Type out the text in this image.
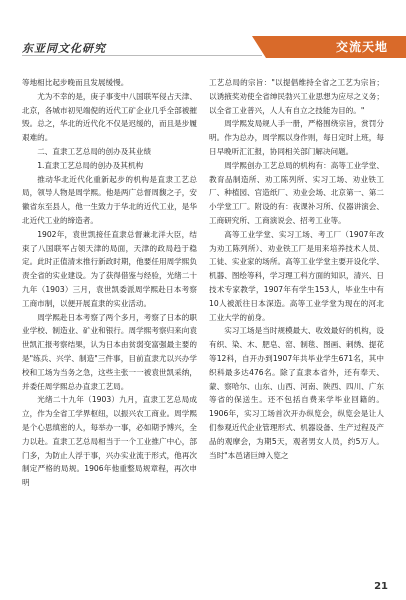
东亚同文化研究	交流天地

等地相比起步晚而且发展缓慢。

尤为不幸的是，庚子事变中八国联军侵占天津、北京，各城市初见端倪的近代工矿企业几乎全部被摧毁。总之，华北的近代化不仅是迟缓的，而且是步履艰难的。

二、直隶工艺总局的创办及其业绩
1.直隶工艺总局的创办及其机构

推动华北近代化重新起步的机构是直隶工艺总局，领导人物是周学熙。他是两广总督周馥之子，安徽省东至县人，他一生致力于华北的近代工业，是华北近代工业的缔造者。

1902年，袁世凯接任直隶总督兼北洋大臣，结束了八国联军占领天津的局面，天津的政局趋于稳定。此时正值清末推行新政时期，他要任用周学熙负责全省的实业建设。为了获得借鉴与经验，光绪二十九年（1903）三月，袁世凯委派周学熙赴日本考察工商市制，以便开展直隶的实业活动。

周学熙赴日本考察了两个多月，考察了日本的职业学校、制造业、矿业和银行。周学熙考察归来向袁世凯汇报考察结果，认为日本由贫弱变富强最主要的是"练兵、兴学、制造"三件事，目前直隶尤以兴办学校和工场为当务之急，这些主张一一被袁世凯采纳，并委任周学熙总办直隶工艺局。

光绪二十九年（1903）九月，直隶工艺总局成立，作为全省工学界枢纽，以振兴农工商业。周学熙是个心思缜密的人，每举办一事，必如期予博兴，全力以赴。直隶工艺总局相当于一个工业推广中心，部门多，为防止人浮于事，兴办实业流于形式，他再次制定严格的局规。1906年他重整局规章程，再次申明

工艺总局的宗旨："以提倡维持全省之工艺为宗旨；以诱掖奖劝使全省绅民勃兴工业思想为应尽之义务；以全省工业普兴，人人有自立之技能为目的。"

周学熙发局规人手一册，严格围绕宗旨，赏罚分明。作为总办，周学熙以身作则，每日定时上班，每日早晚听汇汇报，协同相关部门解决问题。

周学熙创办工艺总局的机构有：高等工业学堂、教育品制造所、劝工陈列所、实习工场、劝业铁工厂、种植园、官造纸厂、劝业会场、北京第一、第二小学堂工厂。附设的有：夜课补习所、仪器讲演会、工商研究所、工商演说会、招考工业等。

高等工业学堂、实习工场、考工厂（1907年改为劝工陈列所）、劝业铁工厂是用来培养技术人员、工徒、实业家的场所。高等工业学堂主要开设化学、机器、图绘等科，学习理工科方面的知识，清兴、日技术专家教学，1907年有学生153人，毕业生中有10人被派往日本深造。高等工业学堂为现在的河北工业大学的前身。

实习工场是当时规模最大、收效最好的机构，设有织、染、木、肥皂、窑、制毯、图画、刺绣、提花等12科，自开办到1907年共毕业学生671名，其中织科最多达476名。除了直隶本省外，还有奉天、蒙、察哈尔、山东、山西、河南、陕西、四川、广东等省的保送生。还不包括自费来学毕业回籍的。1906年，实习工场首次开办纵览会，纵览会是让人们参观近代企业管理形式、机器设备、生产过程及产品的观摩会，为期5天，观者男女人员，约5万人。当时"本邑诸巨绅入览之

21
